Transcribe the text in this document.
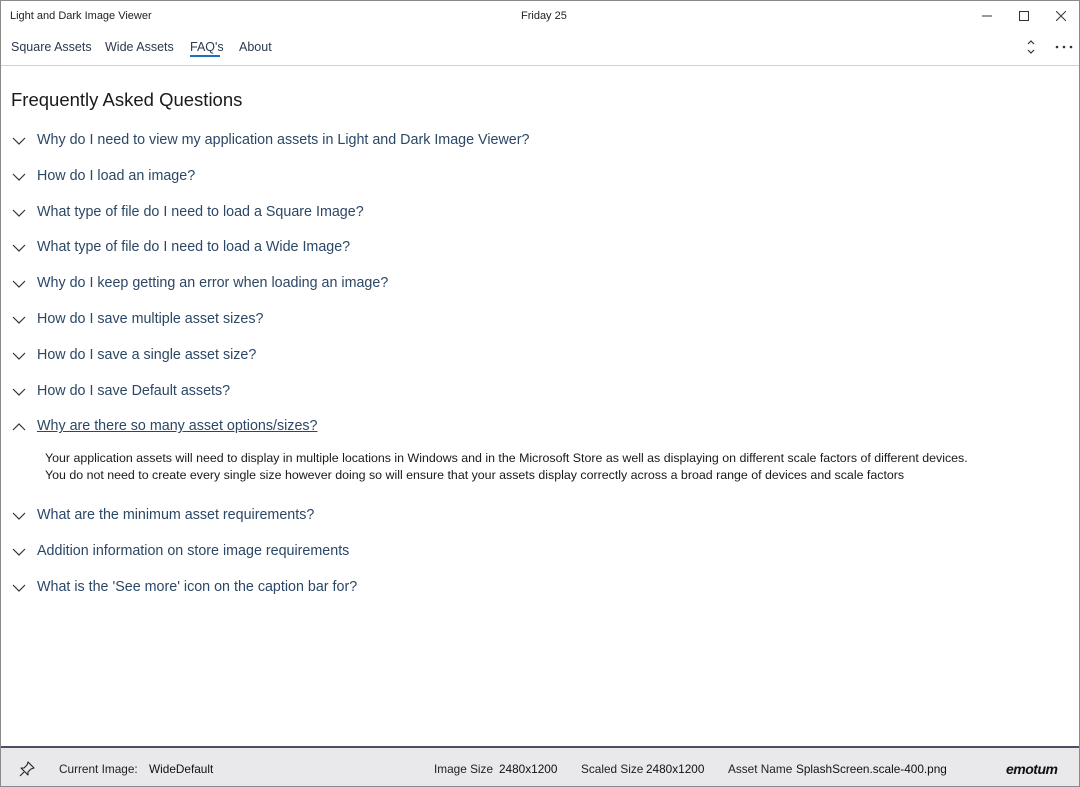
Light and Dark Image Viewer	Friday 25
Square Assets Wide Assets FAQ's About
Frequently Asked Questions
Why do I need to view my application assets in Light and Dark Image Viewer?
How do I load an image?
What type of file do I need to load a Square Image?
What type of file do I need to load a Wide Image?
Why do I keep getting an error when loading an image?
How do I save multiple asset sizes?
How do I save a single asset size?
How do I save Default assets?
Why are there so many asset options/sizes?
Your application assets will need to display in multiple locations in Windows and in the Microsoft Store as well as displaying on different scale factors of different devices.
You do not need to create every single size however doing so will ensure that your assets display correctly across a broad range of devices and scale factors
What are the minimum asset requirements?
Addition information on store image requirements
What is the 'See more' icon on the caption bar for?
Current Image: WideDefault	Image Size 2480x1200 Scaled Size 2480x1200 Asset Name SplashScreen.scale-400.png	emotum
